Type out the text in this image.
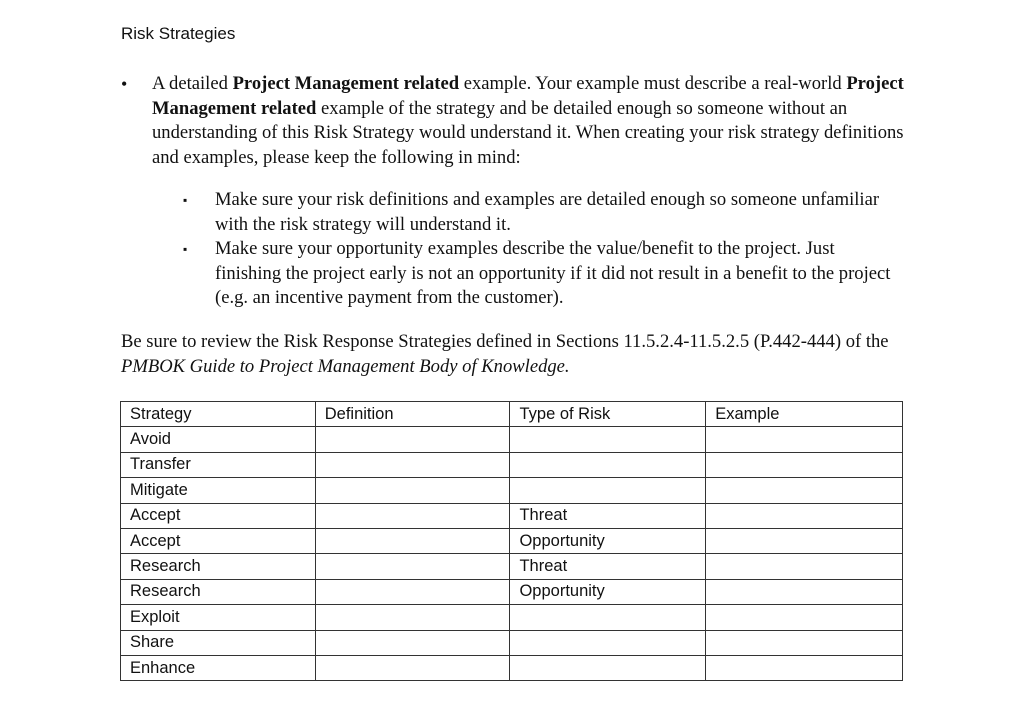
Risk Strategies
• A detailed Project Management related example. Your example must describe a real-world Project Management related example of the strategy and be detailed enough so someone without an understanding of this Risk Strategy would understand it. When creating your risk strategy definitions and examples, please keep the following in mind:
▪ Make sure your risk definitions and examples are detailed enough so someone unfamiliar with the risk strategy will understand it.
▪ Make sure your opportunity examples describe the value/benefit to the project. Just finishing the project early is not an opportunity if it did not result in a benefit to the project (e.g. an incentive payment from the customer).
Be sure to review the Risk Response Strategies defined in Sections 11.5.2.4-11.5.2.5 (P.442-444) of the PMBOK Guide to Project Management Body of Knowledge.
Strategy	Definition	Type of Risk	Example
Avoid			
Transfer			
Mitigate			
Accept		Threat	
Accept		Opportunity	
Research		Threat	
Research		Opportunity	
Exploit			
Share			
Enhance			
